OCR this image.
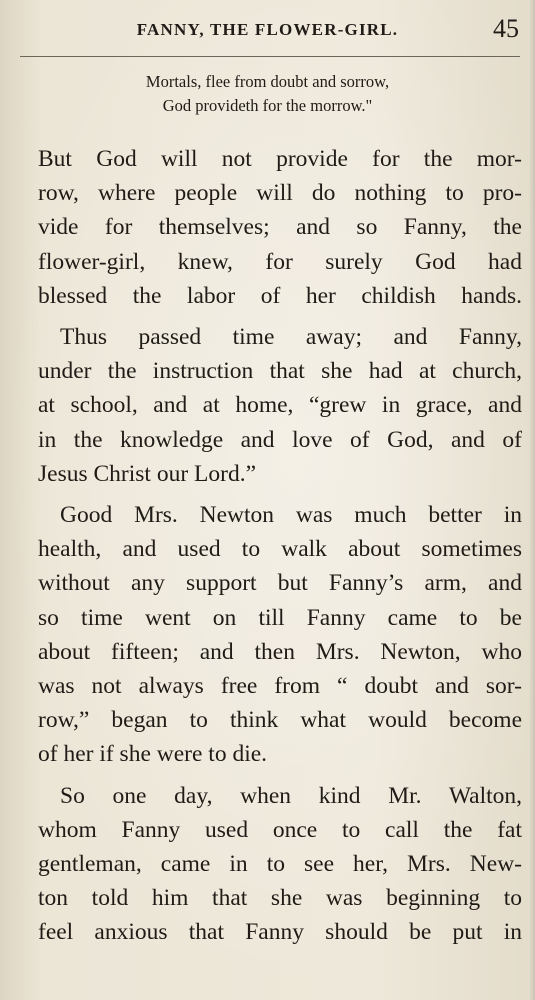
FANNY, THE FLOWER-GIRL.	45
Mortals, flee from doubt and sorrow,
God provideth for the morrow."

But God will not provide for the mor-
row, where people will do nothing to pro-
vide for themselves; and so Fanny, the
flower-girl, knew, for surely God had
blessed the labor of her childish hands.

Thus passed time away; and Fanny,
under the instruction that she had at church,
at school, and at home, “grew in grace, and
in the knowledge and love of God, and of
Jesus Christ our Lord.”

Good Mrs. Newton was much better in
health, and used to walk about sometimes
without any support but Fanny’s arm, and
so time went on till Fanny came to be
about fifteen; and then Mrs. Newton, who
was not always free from “ doubt and sor-
row,” began to think what would become
of her if she were to die.

So one day, when kind Mr. Walton,
whom Fanny used once to call the fat
gentleman, came in to see her, Mrs. New-
ton told him that she was beginning to
feel anxious that Fanny should be put in
